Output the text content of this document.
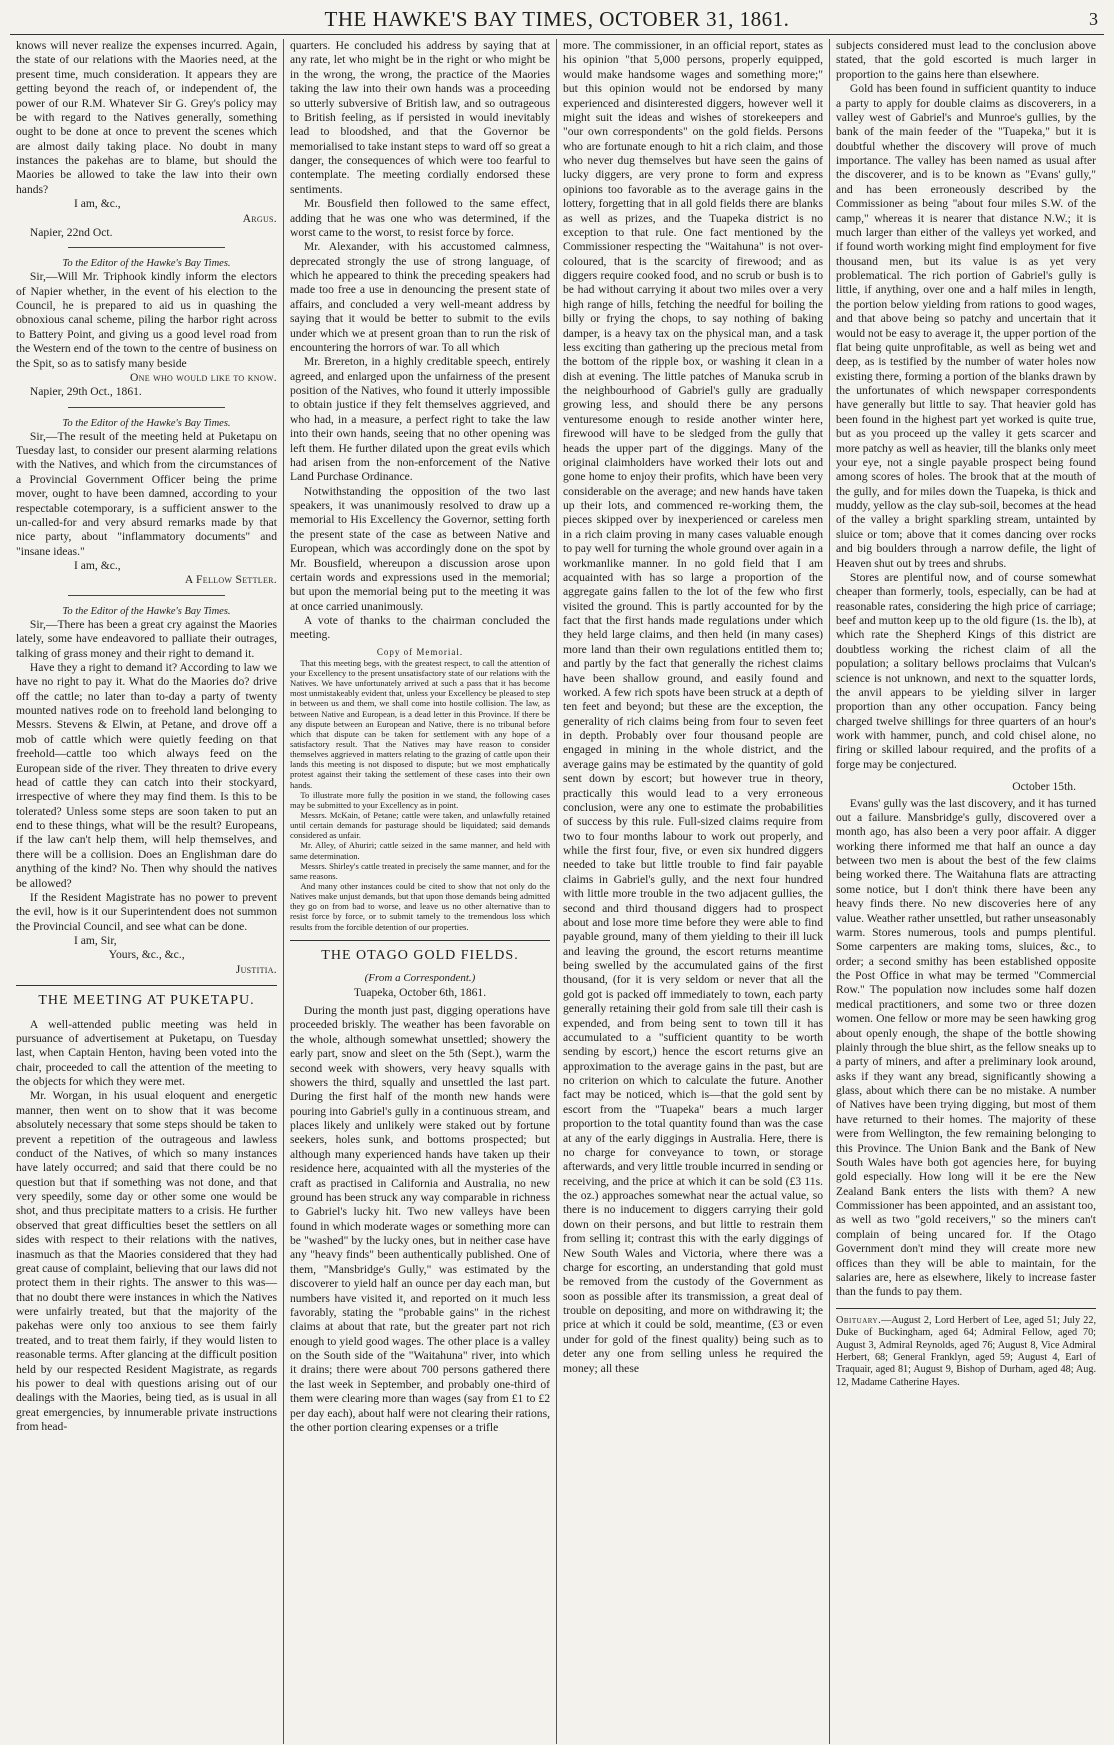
THE HAWKE'S BAY TIMES, OCTOBER 31, 1861.	3

knows will never realize the expenses incurred. Again, the state of our relations with the Maories need, at the present time, much consideration. It appears they are getting beyond the reach of, or independent of, the power of our R.M. Whatever Sir G. Grey's policy may be with regard to the Natives generally, something ought to be done at once to prevent the scenes which are almost daily taking place. No doubt in many instances the pakehas are to blame, but should the Maories be allowed to take the law into their own hands?

I am, &c.,

Argus.

Napier, 22nd Oct.

To the Editor of the Hawke's Bay Times.

Sir,—Will Mr. Triphook kindly inform the electors of Napier whether, in the event of his election to the Council, he is prepared to aid us in quashing the obnoxious canal scheme, piling the harbor right across to Battery Point, and giving us a good level road from the Western end of the town to the centre of business on the Spit, so as to satisfy many beside

One who would like to know.

Napier, 29th Oct., 1861.

To the Editor of the Hawke's Bay Times.

Sir,—The result of the meeting held at Puketapu on Tuesday last, to consider our present alarming relations with the Natives, and which from the circumstances of a Provincial Government Officer being the prime mover, ought to have been damned, according to your respectable cotemporary, is a sufficient answer to the un-called-for and very absurd remarks made by that nice party, about "inflammatory documents" and "insane ideas."

I am, &c.,

A Fellow Settler.

To the Editor of the Hawke's Bay Times.

Sir,—There has been a great cry against the Maories lately, some have endeavored to palliate their outrages, talking of grass money and their right to demand it.

Have they a right to demand it? According to law we have no right to pay it. What do the Maories do? drive off the cattle; no later than to-day a party of twenty mounted natives rode on to freehold land belonging to Messrs. Stevens & Elwin, at Petane, and drove off a mob of cattle which were quietly feeding on that freehold—cattle too which always feed on the European side of the river. They threaten to drive every head of cattle they can catch into their stockyard, irrespective of where they may find them. Is this to be tolerated? Unless some steps are soon taken to put an end to these things, what will be the result? Europeans, if the law can't help them, will help themselves, and there will be a collision. Does an Englishman dare do anything of the kind? No. Then why should the natives be allowed?

If the Resident Magistrate has no power to prevent the evil, how is it our Superintendent does not summon the Provincial Council, and see what can be done.

I am, Sir,

Yours, &c., &c.,

Justitia.

THE MEETING AT PUKETAPU.

A well-attended public meeting was held in pursuance of advertisement at Puketapu, on Tuesday last, when Captain Henton, having been voted into the chair, proceeded to call the attention of the meeting to the objects for which they were met.

Mr. Worgan, in his usual eloquent and energetic manner, then went on to show that it was become absolutely necessary that some steps should be taken to prevent a repetition of the outrageous and lawless conduct of the Natives, of which so many instances have lately occurred; and said that there could be no question but that if something was not done, and that very speedily, some day or other some one would be shot, and thus precipitate matters to a crisis. He further observed that great difficulties beset the settlers on all sides with respect to their relations with the natives, inasmuch as that the Maories considered that they had great cause of complaint, believing that our laws did not protect them in their rights. The answer to this was—that no doubt there were instances in which the Natives were unfairly treated, but that the majority of the pakehas were only too anxious to see them fairly treated, and to treat them fairly, if they would listen to reasonable terms. After glancing at the difficult position held by our respected Resident Magistrate, as regards his power to deal with questions arising out of our dealings with the Maories, being tied, as is usual in all great emergencies, by innumerable private instructions from head-

quarters. He concluded his address by saying that at any rate, let who might be in the right or who might be in the wrong, the wrong, the practice of the Maories taking the law into their own hands was a proceeding so utterly subversive of British law, and so outrageous to British feeling, as if persisted in would inevitably lead to bloodshed, and that the Governor be memorialised to take instant steps to ward off so great a danger, the consequences of which were too fearful to contemplate. The meeting cordially endorsed these sentiments.

Mr. Bousfield then followed to the same effect, adding that he was one who was determined, if the worst came to the worst, to resist force by force.

Mr. Alexander, with his accustomed calmness, deprecated strongly the use of strong language, of which he appeared to think the preceding speakers had made too free a use in denouncing the present state of affairs, and concluded a very well-meant address by saying that it would be better to submit to the evils under which we at present groan than to run the risk of encountering the horrors of war. To all which

Mr. Brereton, in a highly creditable speech, entirely agreed, and enlarged upon the unfairness of the present position of the Natives, who found it utterly impossible to obtain justice if they felt themselves aggrieved, and who had, in a measure, a perfect right to take the law into their own hands, seeing that no other opening was left them. He further dilated upon the great evils which had arisen from the non-enforcement of the Native Land Purchase Ordinance.

Notwithstanding the opposition of the two last speakers, it was unanimously resolved to draw up a memorial to His Excellency the Governor, setting forth the present state of the case as between Native and European, which was accordingly done on the spot by Mr. Bousfield, whereupon a discussion arose upon certain words and expressions used in the memorial; but upon the memorial being put to the meeting it was at once carried unanimously.

A vote of thanks to the chairman concluded the meeting.

Copy of Memorial.

That this meeting begs, with the greatest respect, to call the attention of your Excellency to the present unsatisfactory state of our relations with the Natives. We have unfortunately arrived at such a pass that it has become most unmistakeably evident that, unless your Excellency be pleased to step in between us and them, we shall come into hostile collision. The law, as between Native and European, is a dead letter in this Province. If there be any dispute between an European and Native, there is no tribunal before which that dispute can be taken for settlement with any hope of a satisfactory result. That the Natives may have reason to consider themselves aggrieved in matters relating to the grazing of cattle upon their lands this meeting is not disposed to dispute; but we most emphatically protest against their taking the settlement of these cases into their own hands.

To illustrate more fully the position in we stand, the following cases may be submitted to your Excellency as in point.

Messrs. McKain, of Petane; cattle were taken, and unlawfully retained until certain demands for pasturage should be liquidated; said demands considered as unfair.

Mr. Alley, of Ahuriri; cattle seized in the same manner, and held with same determination.

Messrs. Shirley's cattle treated in precisely the same manner, and for the same reasons.

And many other instances could be cited to show that not only do the Natives make unjust demands, but that upon those demands being admitted they go on from bad to worse, and leave us no other alternative than to resist force by force, or to submit tamely to the tremendous loss which results from the forcible detention of our properties.

THE OTAGO GOLD FIELDS.

(From a Correspondent.)

Tuapeka, October 6th, 1861.

During the month just past, digging operations have proceeded briskly. The weather has been favorable on the whole, although somewhat unsettled; showery the early part, snow and sleet on the 5th (Sept.), warm the second week with showers, very heavy squalls with showers the third, squally and unsettled the last part. During the first half of the month new hands were pouring into Gabriel's gully in a continuous stream, and places likely and unlikely were staked out by fortune seekers, holes sunk, and bottoms prospected; but although many experienced hands have taken up their residence here, acquainted with all the mysteries of the craft as practised in California and Australia, no new ground has been struck any way comparable in richness to Gabriel's lucky hit. Two new valleys have been found in which moderate wages or something more can be "washed" by the lucky ones, but in neither case have any "heavy finds" been authentically published. One of them, "Mansbridge's Gully," was estimated by the discoverer to yield half an ounce per day each man, but numbers have visited it, and reported on it much less favorably, stating the "probable gains" in the richest claims at about that rate, but the greater part not rich enough to yield good wages. The other place is a valley on the South side of the "Waitahuna" river, into which it drains; there were about 700 persons gathered there the last week in September, and probably one-third of them were clearing more than wages (say from £1 to £2 per day each), about half were not clearing their rations, the other portion clearing expenses or a trifle

more. The commissioner, in an official report, states as his opinion "that 5,000 persons, properly equipped, would make handsome wages and something more;" but this opinion would not be endorsed by many experienced and disinterested diggers, however well it might suit the ideas and wishes of storekeepers and "our own correspondents" on the gold fields. Persons who are fortunate enough to hit a rich claim, and those who never dug themselves but have seen the gains of lucky diggers, are very prone to form and express opinions too favorable as to the average gains in the lottery, forgetting that in all gold fields there are blanks as well as prizes, and the Tuapeka district is no exception to that rule. One fact mentioned by the Commissioner respecting the "Waitahuna" is not over-coloured, that is the scarcity of firewood; and as diggers require cooked food, and no scrub or bush is to be had without carrying it about two miles over a very high range of hills, fetching the needful for boiling the billy or frying the chops, to say nothing of baking damper, is a heavy tax on the physical man, and a task less exciting than gathering up the precious metal from the bottom of the ripple box, or washing it clean in a dish at evening. The little patches of Manuka scrub in the neighbourhood of Gabriel's gully are gradually growing less, and should there be any persons venturesome enough to reside another winter here, firewood will have to be sledged from the gully that heads the upper part of the diggings. Many of the original claimholders have worked their lots out and gone home to enjoy their profits, which have been very considerable on the average; and new hands have taken up their lots, and commenced re-working them, the pieces skipped over by inexperienced or careless men in a rich claim proving in many cases valuable enough to pay well for turning the whole ground over again in a workmanlike manner. In no gold field that I am acquainted with has so large a proportion of the aggregate gains fallen to the lot of the few who first visited the ground. This is partly accounted for by the fact that the first hands made regulations under which they held large claims, and then held (in many cases) more land than their own regulations entitled them to; and partly by the fact that generally the richest claims have been shallow ground, and easily found and worked. A few rich spots have been struck at a depth of ten feet and beyond; but these are the exception, the generality of rich claims being from four to seven feet in depth. Probably over four thousand people are engaged in mining in the whole district, and the average gains may be estimated by the quantity of gold sent down by escort; but however true in theory, practically this would lead to a very erroneous conclusion, were any one to estimate the probabilities of success by this rule. Full-sized claims require from two to four months labour to work out properly, and while the first four, five, or even six hundred diggers needed to take but little trouble to find fair payable claims in Gabriel's gully, and the next four hundred with little more trouble in the two adjacent gullies, the second and third thousand diggers had to prospect about and lose more time before they were able to find payable ground, many of them yielding to their ill luck and leaving the ground, the escort returns meantime being swelled by the accumulated gains of the first thousand, (for it is very seldom or never that all the gold got is packed off immediately to town, each party generally retaining their gold from sale till their cash is expended, and from being sent to town till it has accumulated to a "sufficient quantity to be worth sending by escort,) hence the escort returns give an approximation to the average gains in the past, but are no criterion on which to calculate the future. Another fact may be noticed, which is—that the gold sent by escort from the "Tuapeka" bears a much larger proportion to the total quantity found than was the case at any of the early diggings in Australia. Here, there is no charge for conveyance to town, or storage afterwards, and very little trouble incurred in sending or receiving, and the price at which it can be sold (£3 11s. the oz.) approaches somewhat near the actual value, so there is no inducement to diggers carrying their gold down on their persons, and but little to restrain them from selling it; contrast this with the early diggings of New South Wales and Victoria, where there was a charge for escorting, an understanding that gold must be removed from the custody of the Government as soon as possible after its transmission, a great deal of trouble on depositing, and more on withdrawing it; the price at which it could be sold, meantime, (£3 or even under for gold of the finest quality) being such as to deter any one from selling unless he required the money; all these

subjects considered must lead to the conclusion above stated, that the gold escorted is much larger in proportion to the gains here than elsewhere.

Gold has been found in sufficient quantity to induce a party to apply for double claims as discoverers, in a valley west of Gabriel's and Munroe's gullies, by the bank of the main feeder of the "Tuapeka," but it is doubtful whether the discovery will prove of much importance. The valley has been named as usual after the discoverer, and is to be known as "Evans' gully," and has been erroneously described by the Commissioner as being "about four miles S.W. of the camp," whereas it is nearer that distance N.W.; it is much larger than either of the valleys yet worked, and if found worth working might find employment for five thousand men, but its value is as yet very problematical. The rich portion of Gabriel's gully is little, if anything, over one and a half miles in length, the portion below yielding from rations to good wages, and that above being so patchy and uncertain that it would not be easy to average it, the upper portion of the flat being quite unprofitable, as well as being wet and deep, as is testified by the number of water holes now existing there, forming a portion of the blanks drawn by the unfortunates of which newspaper correspondents have generally but little to say. That heavier gold has been found in the highest part yet worked is quite true, but as you proceed up the valley it gets scarcer and more patchy as well as heavier, till the blanks only meet your eye, not a single payable prospect being found among scores of holes. The brook that at the mouth of the gully, and for miles down the Tuapeka, is thick and muddy, yellow as the clay sub-soil, becomes at the head of the valley a bright sparkling stream, untainted by sluice or tom; above that it comes dancing over rocks and big boulders through a narrow defile, the light of Heaven shut out by trees and shrubs.

Stores are plentiful now, and of course somewhat cheaper than formerly, tools, especially, can be had at reasonable rates, considering the high price of carriage; beef and mutton keep up to the old figure (1s. the lb), at which rate the Shepherd Kings of this district are doubtless working the richest claim of all the population; a solitary bellows proclaims that Vulcan's science is not unknown, and next to the squatter lords, the anvil appears to be yielding silver in larger proportion than any other occupation. Fancy being charged twelve shillings for three quarters of an hour's work with hammer, punch, and cold chisel alone, no firing or skilled labour required, and the profits of a forge may be conjectured.

October 15th.

Evans' gully was the last discovery, and it has turned out a failure. Mansbridge's gully, discovered over a month ago, has also been a very poor affair. A digger working there informed me that half an ounce a day between two men is about the best of the few claims being worked there. The Waitahuna flats are attracting some notice, but I don't think there have been any heavy finds there. No new discoveries here of any value. Weather rather unsettled, but rather unseasonably warm. Stores numerous, tools and pumps plentiful. Some carpenters are making toms, sluices, &c., to order; a second smithy has been established opposite the Post Office in what may be termed "Commercial Row." The population now includes some half dozen medical practitioners, and some two or three dozen women. One fellow or more may be seen hawking grog about openly enough, the shape of the bottle showing plainly through the blue shirt, as the fellow sneaks up to a party of miners, and after a preliminary look around, asks if they want any bread, significantly showing a glass, about which there can be no mistake. A number of Natives have been trying digging, but most of them have returned to their homes. The majority of these were from Wellington, the few remaining belonging to this Province. The Union Bank and the Bank of New South Wales have both got agencies here, for buying gold especially. How long will it be ere the New Zealand Bank enters the lists with them? A new Commissioner has been appointed, and an assistant too, as well as two "gold receivers," so the miners can't complain of being uncared for. If the Otago Government don't mind they will create more new offices than they will be able to maintain, for the salaries are, here as elsewhere, likely to increase faster than the funds to pay them.

Obituary.—August 2, Lord Herbert of Lee, aged 51; July 22, Duke of Buckingham, aged 64; Admiral Fellow, aged 70; August 3, Admiral Reynolds, aged 76; August 8, Vice Admiral Herbert, 68; General Franklyn, aged 59; August 4, Earl of Traquair, aged 81; August 9, Bishop of Durham, aged 48; Aug. 12, Madame Catherine Hayes.
